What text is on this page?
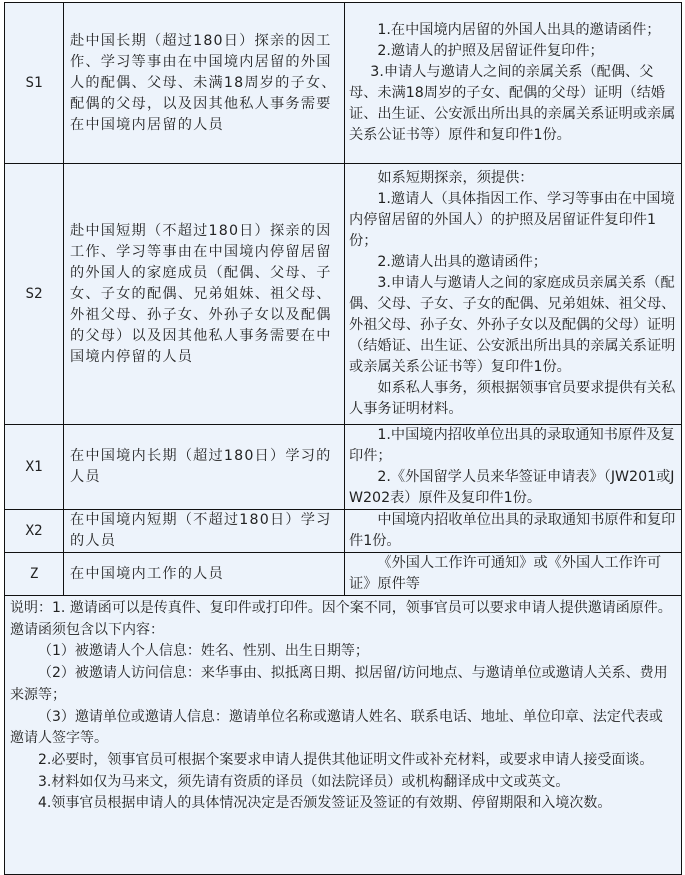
S1	赴中国长期（超过180日）探亲的因工作、学习等事由在中国境内居留的外国人的配偶、父母、未满18周岁的子女、配偶的父母，以及因其他私人事务需要在中国境内居留的人员	1.在中国境内居留的外国人出具的邀请函件；
2.邀请人的护照及居留证件复印件；
3.申请人与邀请人之间的亲属关系（配偶、父母、未满18周岁的子女、配偶的父母）证明（结婚证、出生证、公安派出所出具的亲属关系证明或亲属关系公证书等）原件和复印件1份。

S2	赴中国短期（不超过180日）探亲的因工作、学习等事由在中国境内停留居留的外国人的家庭成员（配偶、父母、子女、子女的配偶、兄弟姐妹、祖父母、外祖父母、孙子女、外孙子女以及配偶的父母）以及因其他私人事务需要在中国境内停留的人员	如系短期探亲，须提供：
1.邀请人（具体指因工作、学习等事由在中国境内停留居留的外国人）的护照及居留证件复印件1份；
2.邀请人出具的邀请函件；
3.申请人与邀请人之间的家庭成员亲属关系（配偶、父母、子女、子女的配偶、兄弟姐妹、祖父母、外祖父母、孙子女、外孙子女以及配偶的父母）证明（结婚证、出生证、公安派出所出具的亲属关系证明或亲属关系公证书等）复印件1份。
如系私人事务，须根据领事官员要求提供有关私人事务证明材料。

X1	在中国境内长期（超过180日）学习的人员	1.中国境内招收单位出具的录取通知书原件及复印件；
2.《外国留学人员来华签证申请表》（JW201或JW202表）原件及复印件1份。

X2	在中国境内短期（不超过180日）学习的人员	中国境内招收单位出具的录取通知书原件和复印件1份。

Z	在中国境内工作的人员	《外国人工作许可通知》或《外国人工作许可证》原件等

说明：1. 邀请函可以是传真件、复印件或打印件。因个案不同，领事官员可以要求申请人提供邀请函原件。邀请函须包含以下内容：
（1）被邀请人个人信息：姓名、性别、出生日期等；
（2）被邀请人访问信息：来华事由、拟抵离日期、拟居留/访问地点、与邀请单位或邀请人关系、费用来源等；
（3）邀请单位或邀请人信息：邀请单位名称或邀请人姓名、联系电话、地址、单位印章、法定代表或邀请人签字等。
2.必要时，领事官员可根据个案要求申请人提供其他证明文件或补充材料，或要求申请人接受面谈。
3.材料如仅为马来文，须先请有资质的译员（如法院译员）或机构翻译成中文或英文。
4.领事官员根据申请人的具体情况决定是否颁发签证及签证的有效期、停留期限和入境次数。
